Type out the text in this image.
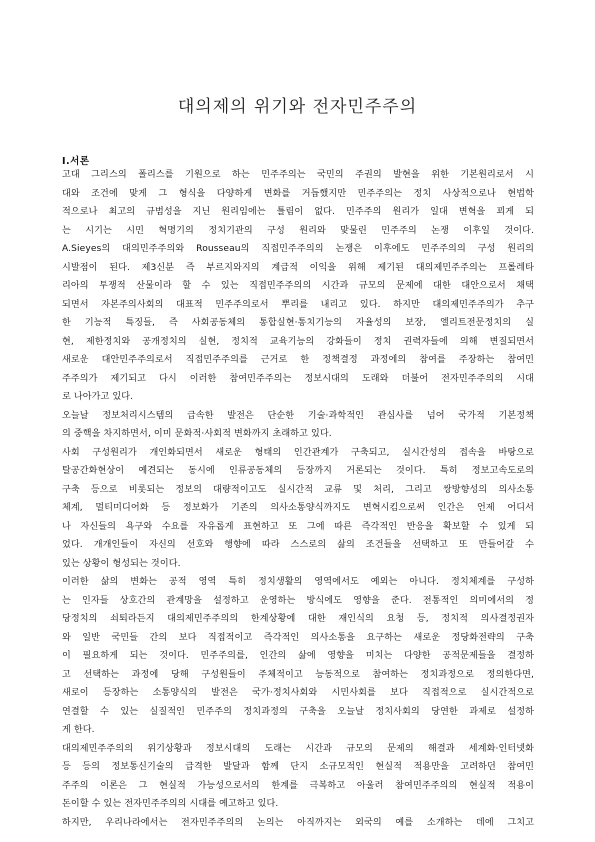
대의제의 위기와 전자민주주의
Ⅰ.서론
고대 그리스의 폴리스를 기원으로 하는 민주주의는 국민의 주권의 발현을 위한 기본원리로서 시
대와 조건에 맞게 그 형식을 다양하게 변화를 거듭했지만 민주주의는 정치 사상적으로나 현법학
적으로나 최고의 규범성을 지닌 원리임에는 틀림이 없다. 민주주의 원리가 일대 변혁을 꾀게 되
는 시기는 시민 혁명기의 정치기관의 구성 원리와 맞물린 민주주의 논쟁 이후일 것이다.
A.Sieyes의 대의민주주의와 Rousseau의 직접민주주의의 논쟁은 이후에도 민주주의의 구성 원리의
시발점이 된다. 제3신분 즉 부르지와지의 계급적 이익을 위해 제기된 대의제민주주의는 프롤레타
리아의 투쟁적 산물이라 할 수 있는 직접민주주의의 시간과 규모의 문제에 대한 대안으로서 채택
되면서 자본주의사회의 대표적 민주주의로서 뿌리를 내리고 있다. 하지만 대의제민주주의가 추구
한 기능적 특징들, 즉 사회공동체의 통합실현·통치기능의 자율성의 보장, 엘리트전문정치의 실
현, 제한정치와 공개정치의 실현, 정치적 교육기능의 강화들이 정치 권력자들에 의해 변질되면서
새로운 대안민주주의로서 직접민주주의를 근거로 한 정책결정 과정에의 참여를 주장하는 참여민
주주의가 제기되고 다시 이러한 참여민주주의는 정보시대의 도래와 더불어 전자민주주의의 시대
로 나아가고 있다.
오늘날 정보처리시스템의 급속한 발전은 단순한 기술·과학적인 관심사를 넘어 국가적 기본정책
의 중핵을 차지하면서, 이미 문화적·사회적 변화까지 초래하고 있다.
사회 구성원리가 개인화되면서 새로운 형태의 인간관계가 구축되고, 실시간성의 접속을 바탕으로
탈공간화현상이 예견되는 동시에 인류공동체의 등장까지 거론되는 것이다. 특히 정보고속도로의
구축 등으로 비롯되는 정보의 대량적이고도 실시간적 교류 및 처리, 그리고 쌍방향성의 의사소통
체계, 멀티미디어화 등 정보화가 기존의 의사소통양식까지도 변혁시킴으로써 인간은 언제 어디서
나 자신들의 욕구와 수요를 자유롭게 표현하고 또 그에 따른 즉각적인 반응을 확보할 수 있게 되
었다. 개개인들이 자신의 선호와 행향에 따라 스스로의 삶의 조건들을 선택하고 또 만들어갈 수
있는 상황이 형성되는 것이다.
이러한 삶의 변화는 공적 영역 특히 정치생활의 영역에서도 예외는 아니다. 정치체계를 구성하
는 인자들 상호간의 관계망을 설정하고 운영하는 방식에도 영향을 준다. 전통적인 의미에서의 정
당정치의 쇠퇴라든지 대의제민주주의의 한계상황에 대한 재인식의 요청 등, 정치적 의사결정권자
와 일반 국민들 간의 보다 직접적이고 즉각적인 의사소통을 요구하는 새로운 정당화전략의 구축
이 필요하게 되는 것이다. 민주주의를, 인간의 삶에 영향을 미치는 다양한 공적문제들을 결정하
고 선택하는 과정에 당해 구성원들이 주체적이고 능동적으로 참여하는 정치과정으로 정의한다면,
새로이 등장하는 소통양식의 발전은 국가·정치사회와 시민사회를 보다 직접적으로 실시간적으로
연결할 수 있는 실질적인 민주주의 정치과정의 구축을 오늘날 정치사회의 당연한 과제로 설정하
게 한다.
대의제민주주의의 위기상황과 정보시대의 도래는 시간과 규모의 문제의 해결과 세계화·인터넷화
등 등의 정보통신기술의 급격한 발달과 함께 단지 소규모적인 현실적 적용만을 고려하던 참여민
주주의 이론은 그 현실적 가능성으로서의 한계를 극복하고 아울러 참여민주주의의 현실적 적용이
돈이할 수 있는 전자민주주의의 시대를 예고하고 있다.
하지만, 우리나라에서는 전자민주주의의 논의는 아직까지는 외국의 예를 소개하는 데에 그치고
